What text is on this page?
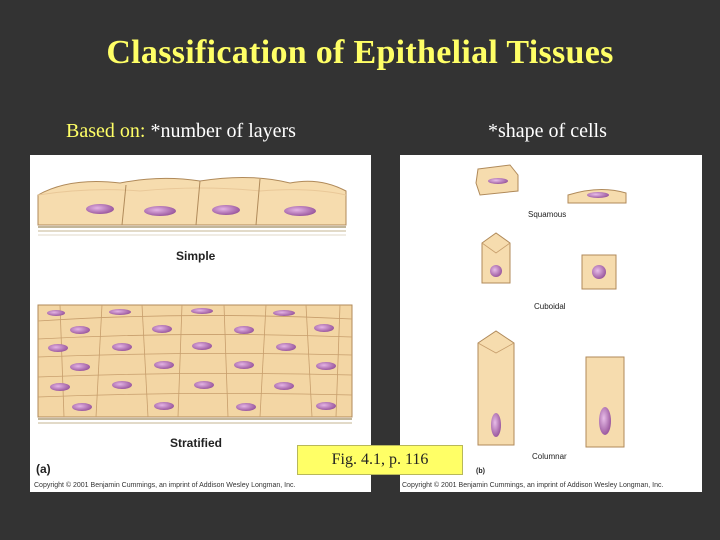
Classification of Epithelial Tissues
Based on: *number of layers	*shape of cells
Simple
Stratified
(a)
Copyright © 2001 Benjamin Cummings, an imprint of Addison Wesley Longman, Inc.
Squamous
Cuboidal
Columnar
(b)
Copyright © 2001 Benjamin Cummings, an imprint of Addison Wesley Longman, Inc.
Fig. 4.1, p. 116
